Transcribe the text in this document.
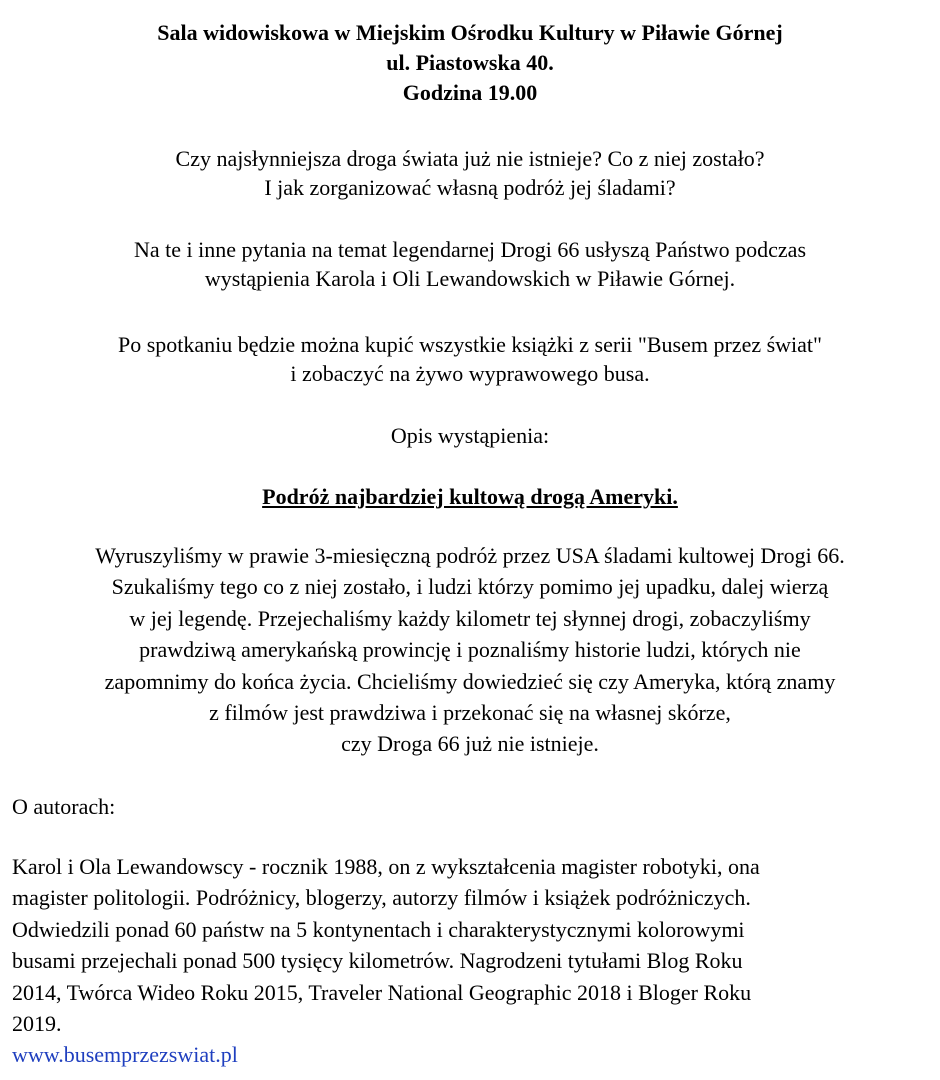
Sala widowiskowa w Miejskim Ośrodku Kultury w Piławie Górnej
ul. Piastowska 40.
Godzina 19.00
Czy najsłynniejsza droga świata już nie istnieje? Co z niej zostało?
I jak zorganizować własną podróż jej śladami?
Na te i inne pytania na temat legendarnej Drogi 66 usłyszą Państwo podczas
wystąpienia Karola i Oli Lewandowskich w Piławie Górnej.
Po spotkaniu będzie można kupić wszystkie książki z serii "Busem przez świat"
i zobaczyć na żywo wyprawowego busa.
Opis wystąpienia:
Podróż najbardziej kultową drogą Ameryki.
Wyruszyliśmy w prawie 3-miesięczną podróż przez USA śladami kultowej Drogi 66.
Szukaliśmy tego co z niej zostało, i ludzi którzy pomimo jej upadku, dalej wierzą
w jej legendę. Przejechaliśmy każdy kilometr tej słynnej drogi, zobaczyliśmy
prawdziwą amerykańską prowincję i poznaliśmy historie ludzi, których nie
zapomnimy do końca życia. Chcieliśmy dowiedzieć się czy Ameryka, którą znamy
z filmów jest prawdziwa i przekonać się na własnej skórze,
czy Droga 66 już nie istnieje.
O autorach:
Karol i Ola Lewandowscy - rocznik 1988, on z wykształcenia magister robotyki, ona
magister politologii. Podróżnicy, blogerzy, autorzy filmów i książek podróżniczych.
Odwiedzili ponad 60 państw na 5 kontynentach i charakterystycznymi kolorowymi
busami przejechali ponad 500 tysięcy kilometrów. Nagrodzeni tytułami Blog Roku
2014, Twórca Wideo Roku 2015, Traveler National Geographic 2018 i Bloger Roku
2019.
www.busemprzezswiat.pl
